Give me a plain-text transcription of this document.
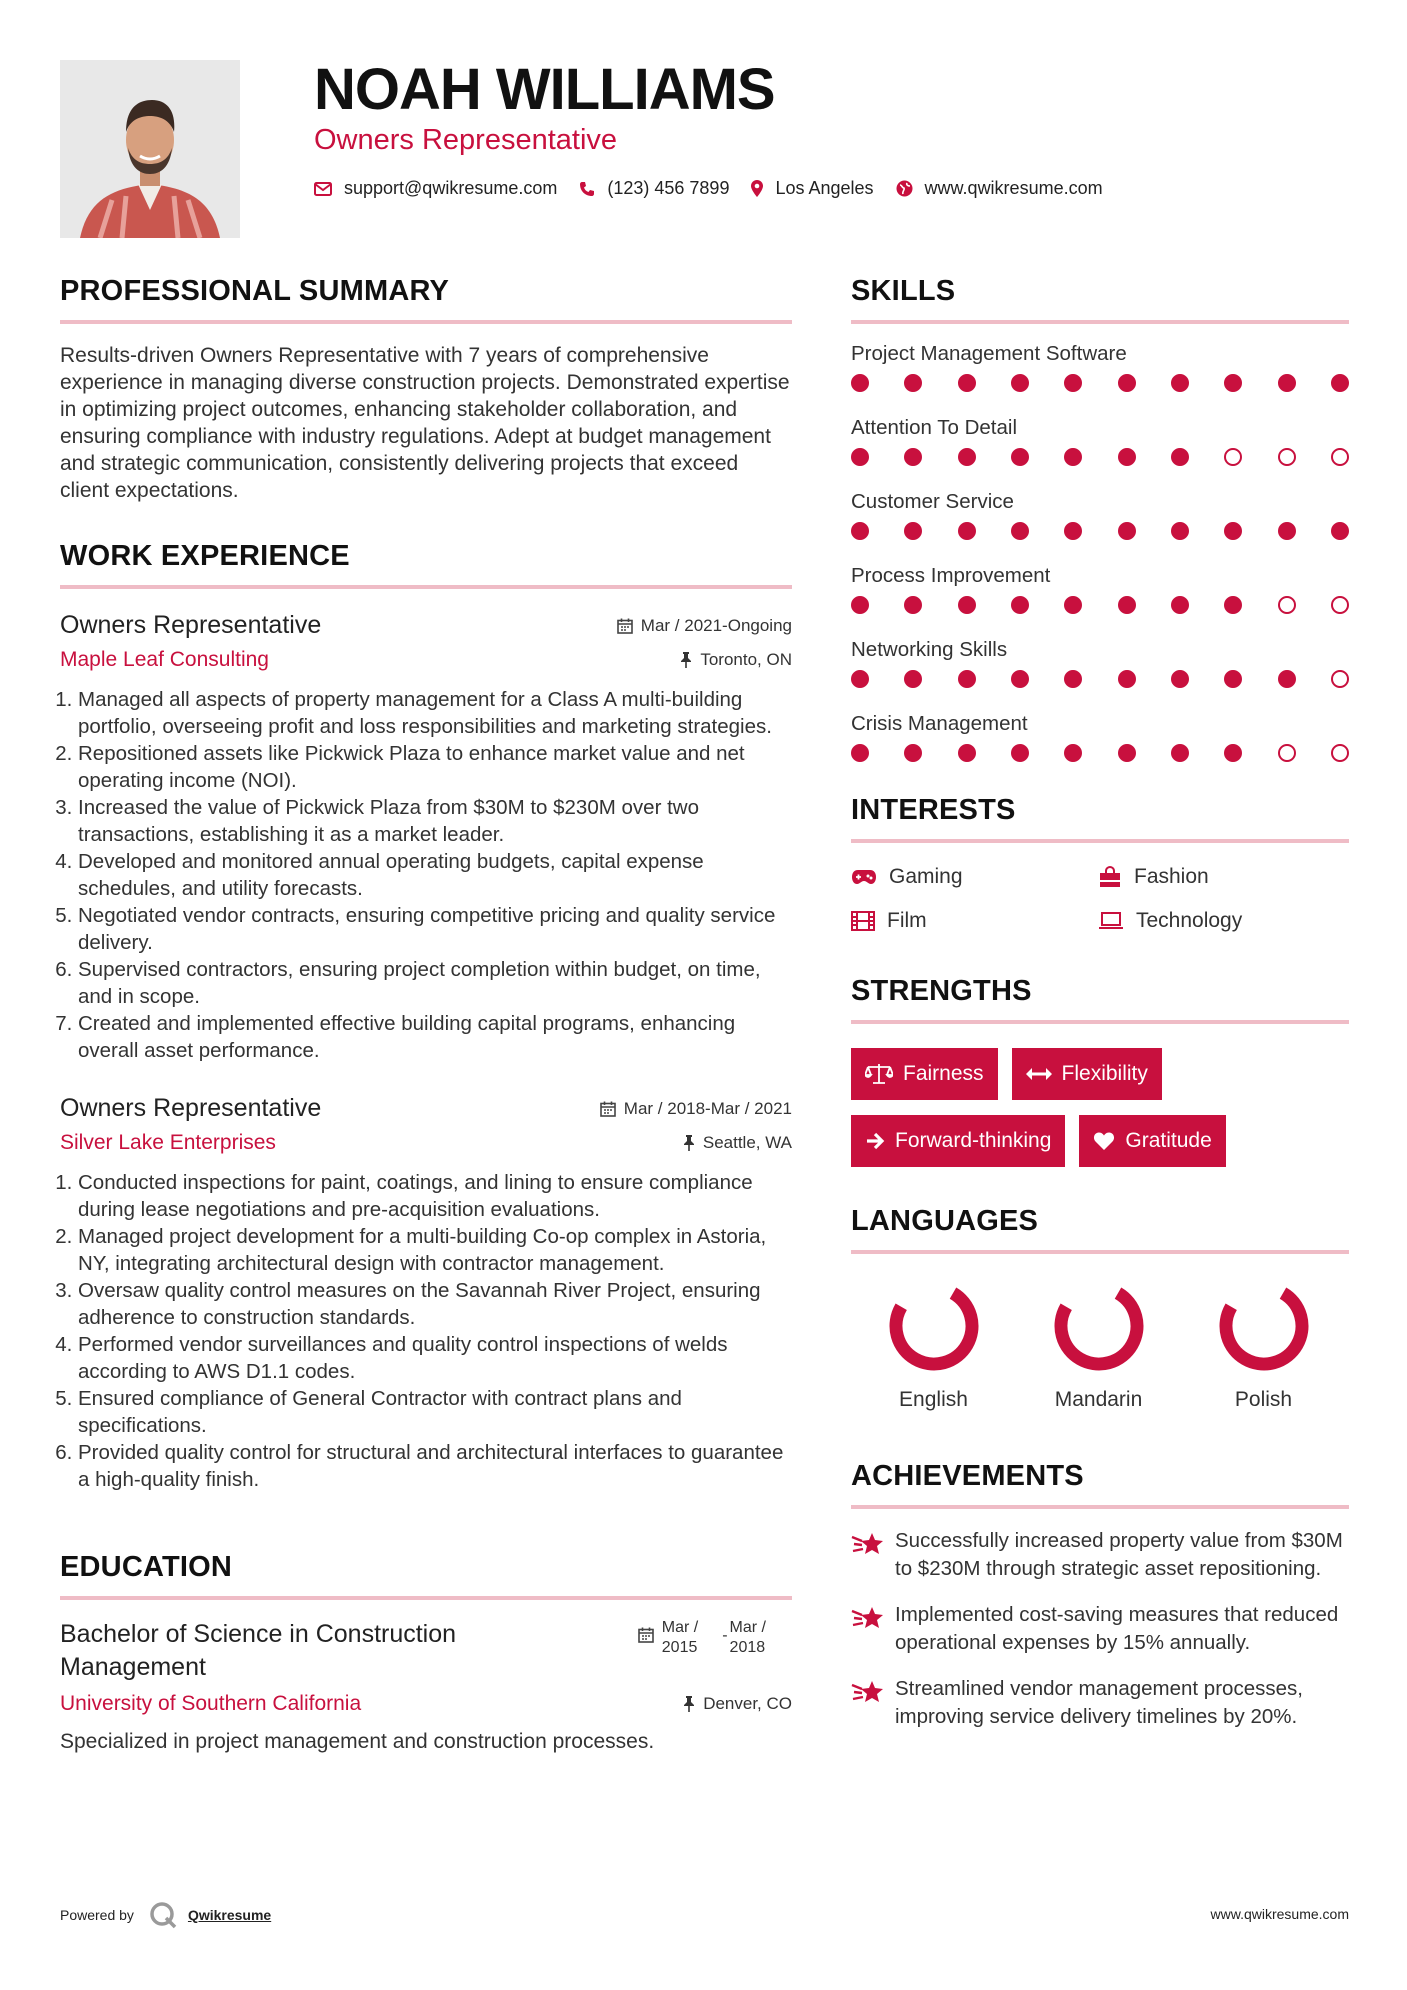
NOAH WILLIAMS
Owners Representative
support@qwikresume.com	(123) 456 7899	Los Angeles	www.qwikresume.com
PROFESSIONAL SUMMARY

Results-driven Owners Representative with 7 years of comprehensive experience in managing diverse construction projects. Demonstrated expertise in optimizing project outcomes, enhancing stakeholder collaboration, and ensuring compliance with industry regulations. Adept at budget management and strategic communication, consistently delivering projects that exceed client expectations.

WORK EXPERIENCE
Owners Representative	Mar / 2021-Ongoing
Maple Leaf Consulting	Toronto, ON
1. Managed all aspects of property management for a Class A multi-building portfolio, overseeing profit and loss responsibilities and marketing strategies.
2. Repositioned assets like Pickwick Plaza to enhance market value and net operating income (NOI).
3. Increased the value of Pickwick Plaza from $30M to $230M over two transactions, establishing it as a market leader.
4. Developed and monitored annual operating budgets, capital expense schedules, and utility forecasts.
5. Negotiated vendor contracts, ensuring competitive pricing and quality service delivery.
6. Supervised contractors, ensuring project completion within budget, on time, and in scope.
7. Created and implemented effective building capital programs, enhancing overall asset performance.
Owners Representative	Mar / 2018-Mar / 2021
Silver Lake Enterprises	Seattle, WA
1. Conducted inspections for paint, coatings, and lining to ensure compliance during lease negotiations and pre-acquisition evaluations.
2. Managed project development for a multi-building Co-op complex in Astoria, NY, integrating architectural design with contractor management.
3. Oversaw quality control measures on the Savannah River Project, ensuring adherence to construction standards.
4. Performed vendor surveillances and quality control inspections of welds according to AWS D1.1 codes.
5. Ensured compliance of General Contractor with contract plans and specifications.
6. Provided quality control for structural and architectural interfaces to guarantee a high-quality finish.
EDUCATION
Bachelor of Science in Construction Management
Mar /
2015
- Mar /
2018
University of Southern California	Denver, CO

Specialized in project management and construction processes.

SKILLS
Project Management Software
Attention To Detail
Customer Service
Process Improvement
Networking Skills
Crisis Management
INTERESTS
Gaming	Fashion
Film	Technology
STRENGTHS
Fairness	Flexibility
Forward-thinking	Gratitude
LANGUAGES
English	Mandarin	Polish
ACHIEVEMENTS
Successfully increased property value from $30M to $230M through strategic asset repositioning.
Implemented cost-saving measures that reduced operational expenses by 15% annually.
Streamlined vendor management processes, improving service delivery timelines by 20%.
Powered by	Qwikresume	www.qwikresume.com
